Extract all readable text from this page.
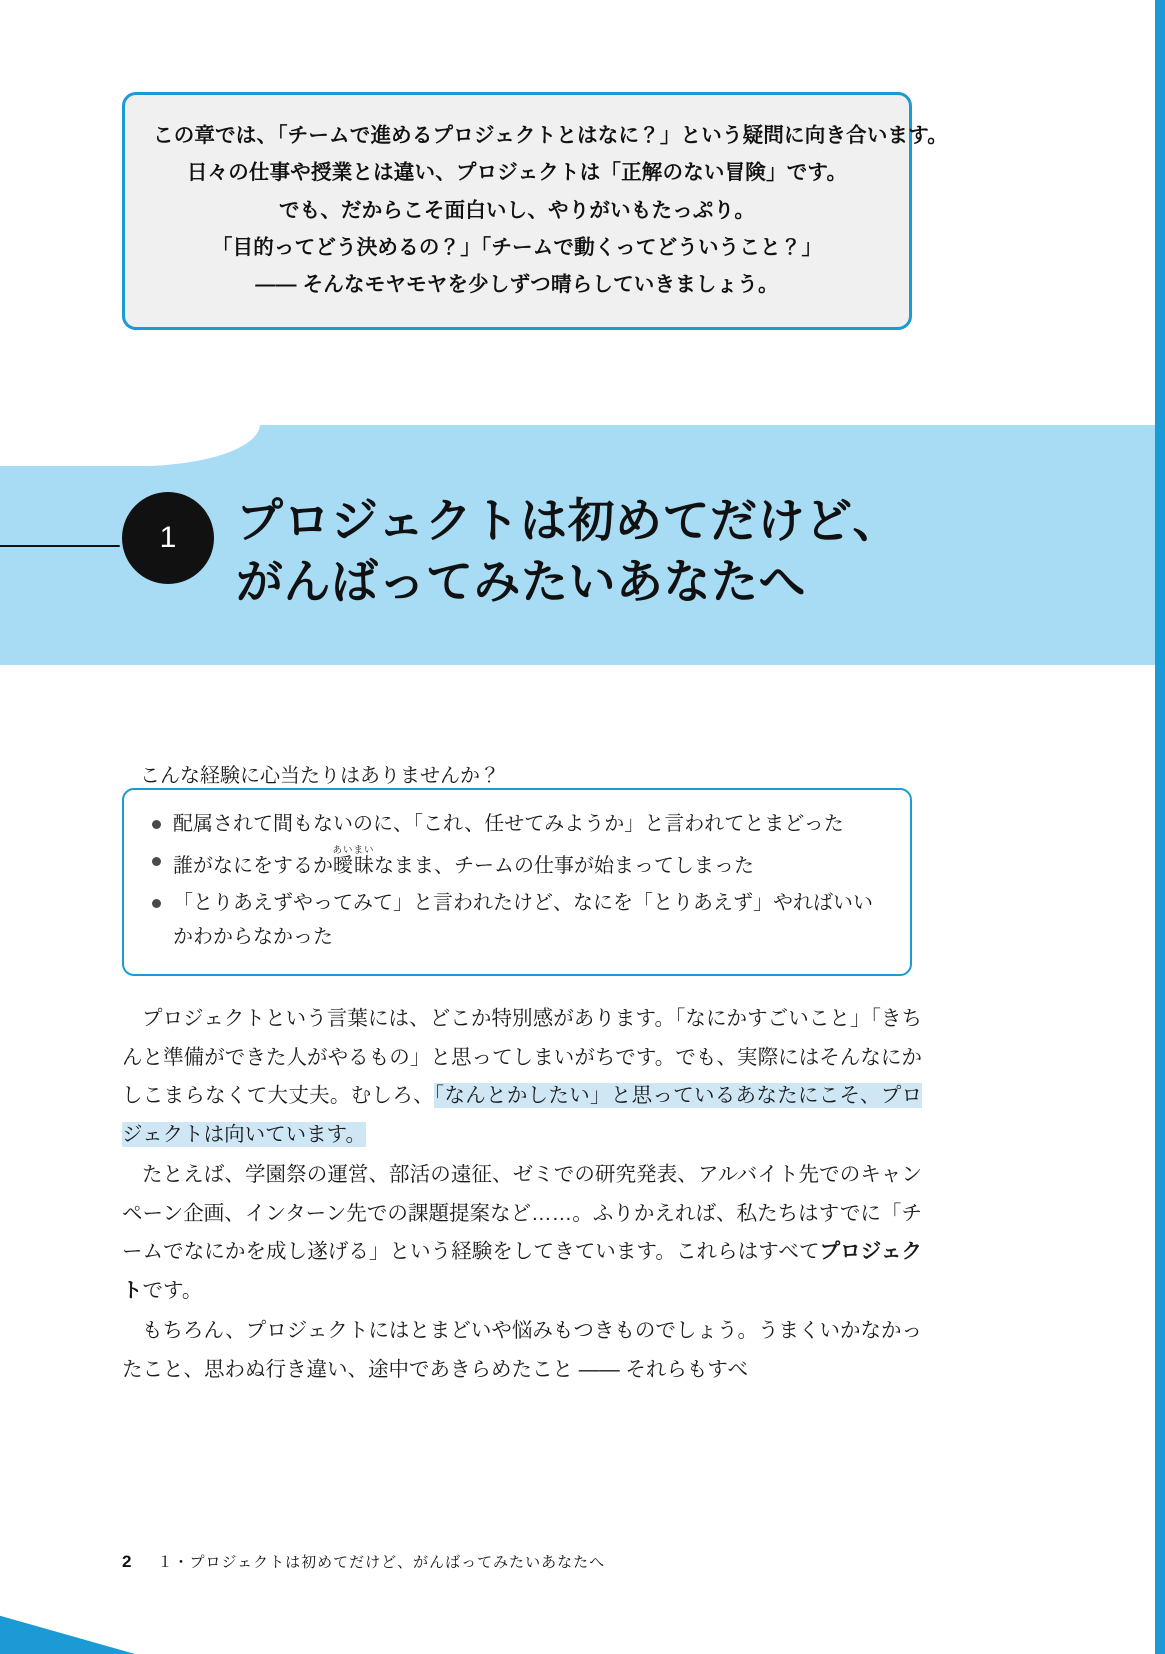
この章では、「チームで進めるプロジェクトとはなに？」という疑問に向き合います。
日々の仕事や授業とは違い、プロジェクトは「正解のない冒険」です。
でも、だからこそ面白いし、やりがいもたっぷり。
「目的ってどう決めるの？」「チームで動くってどういうこと？」
―― そんなモヤモヤを少しずつ晴らしていきましょう。
1	プロジェクトは初めてだけど、
がんばってみたいあなたへ

こんな経験に心当たりはありませんか？

配属されて間もないのに、「これ、任せてみようか」と言われてとまどった
誰がなにをするか曖昧あいまいなまま、チームの仕事が始まってしまった
「とりあえずやってみて」と言われたけど、なにを「とりあえず」やればいいかわからなかった

プロジェクトという言葉には、どこか特別感があります。「なにかすごいこと」「きちんと準備ができた人がやるもの」と思ってしまいがちです。でも、実際にはそんなにかしこまらなくて大丈夫。むしろ、「なんとかしたい」と思っているあなたにこそ、プロジェクトは向いています。

たとえば、学園祭の運営、部活の遠征、ゼミでの研究発表、アルバイト先でのキャンペーン企画、インターン先での課題提案など……。ふりかえれば、私たちはすでに「チームでなにかを成し遂げる」という経験をしてきています。これらはすべてプロジェクトです。

もちろん、プロジェクトにはとまどいや悩みもつきものでしょう。うまくいかなかったこと、思わぬ行き違い、途中であきらめたこと ―― それらもすべ

2 １・プロジェクトは初めてだけど、がんばってみたいあなたへ
